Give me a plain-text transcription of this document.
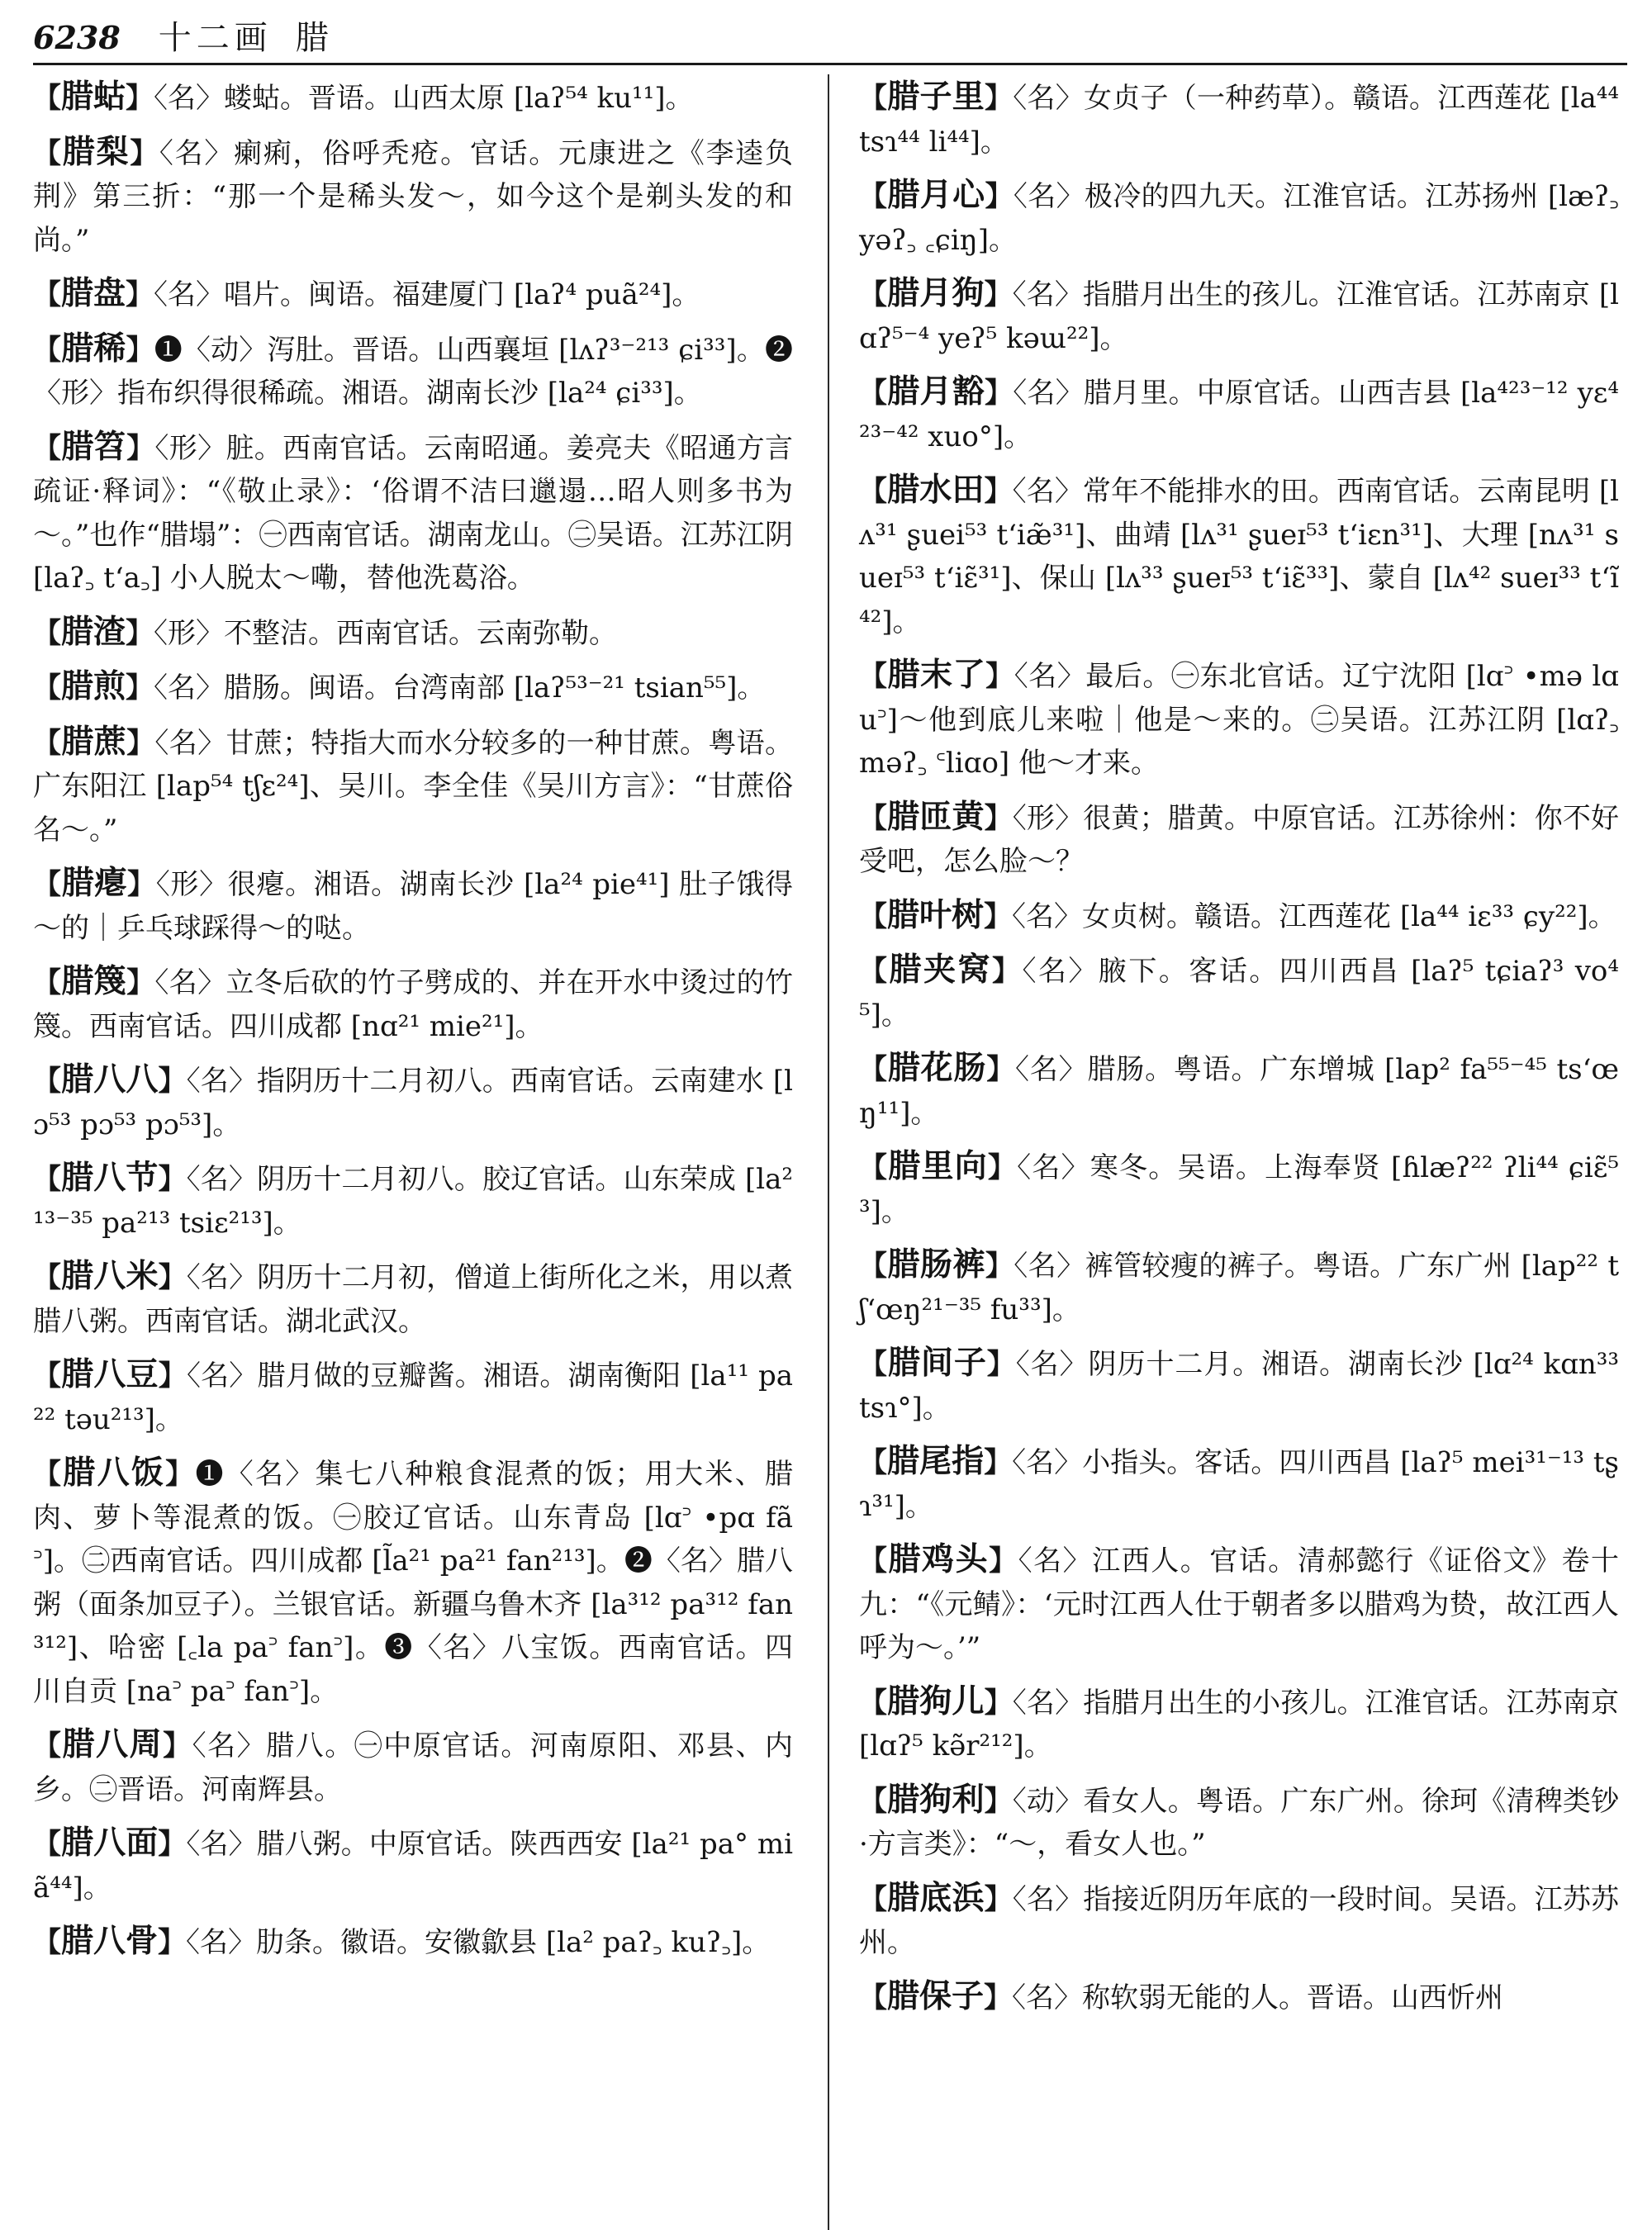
6238 十二画 腊
【腊蛄】〈名〉蝼蛄。晋语。山西太原 [laʔ⁵⁴ ku¹¹]。
【腊梨】〈名〉瘌痢，俗呼秃疮。官话。元康进之《李逵负荆》第三折：“那一个是稀头发～，如今这个是剃头发的和尚。”
【腊盘】〈名〉唱片。闽语。福建厦门 [laʔ⁴ puã²⁴]。
【腊稀】❶〈动〉泻肚。晋语。山西襄垣 [lʌʔ³⁻²¹³ ɕi³³]。❷〈形〉指布织得很稀疏。湘语。湖南长沙 [la²⁴ ɕi³³]。
【腊笤】〈形〉脏。西南官话。云南昭通。姜亮夫《昭通方言疏证·释词》：“《敬止录》：‘俗谓不洁曰邋遢…昭人则多书为～。”也作“腊塌”：㊀西南官话。湖南龙山。㊁吴语。江苏江阴 [laʔ꜆ t‘a꜆] 小人脱太～嘞，替他洗葛浴。
【腊渣】〈形〉不整洁。西南官话。云南弥勒。
【腊煎】〈名〉腊肠。闽语。台湾南部 [laʔ⁵³⁻²¹ tsian⁵⁵]。
【腊蔗】〈名〉甘蔗；特指大而水分较多的一种甘蔗。粤语。广东阳江 [lap⁵⁴ tʃɛ²⁴]、吴川。李全佳《吴川方言》：“甘蔗俗名～。”
【腊瘪】〈形〉很瘪。湘语。湖南长沙 [la²⁴ pie⁴¹] 肚子饿得～的｜乒乓球踩得～的哒。
【腊篾】〈名〉立冬后砍的竹子劈成的、并在开水中烫过的竹篾。西南官话。四川成都 [nɑ²¹ mie²¹]。
【腊八八】〈名〉指阴历十二月初八。西南官话。云南建水 [lɔ⁵³ pɔ⁵³ pɔ⁵³]。
【腊八节】〈名〉阴历十二月初八。胶辽官话。山东荣成 [la²¹³⁻³⁵ pa²¹³ tsiɛ²¹³]。
【腊八米】〈名〉阴历十二月初，僧道上街所化之米，用以煮腊八粥。西南官话。湖北武汉。
【腊八豆】〈名〉腊月做的豆瓣酱。湘语。湖南衡阳 [la¹¹ pa²² təu²¹³]。
【腊八饭】❶〈名〉集七八种粮食混煮的饭；用大米、腊肉、萝卜等混煮的饭。㊀胶辽官话。山东青岛 [lɑ꜄ •pɑ fã꜄]。㊁西南官话。四川成都 [l̃a²¹ pa²¹ fan²¹³]。❷〈名〉腊八粥（面条加豆子）。兰银官话。新疆乌鲁木齐 [la³¹² pa³¹² fan³¹²]、哈密 [꜀la pa꜄ fan꜄]。❸〈名〉八宝饭。西南官话。四川自贡 [na꜄ pa꜄ fan꜄]。
【腊八周】〈名〉腊八。㊀中原官话。河南原阳、邓县、内乡。㊁晋语。河南辉县。
【腊八面】〈名〉腊八粥。中原官话。陕西西安 [la²¹ pa° miã⁴⁴]。
【腊八骨】〈名〉肋条。徽语。安徽歙县 [la² paʔ꜆ kuʔ꜆]。
【腊子里】〈名〉女贞子（一种药草）。赣语。江西莲花 [la⁴⁴ tsɿ⁴⁴ li⁴⁴]。
【腊月心】〈名〉极冷的四九天。江淮官话。江苏扬州 [læʔ꜆ yəʔ꜆ ꜀ɕiŋ]。
【腊月狗】〈名〉指腊月出生的孩儿。江淮官话。江苏南京 [lɑʔ⁵⁻⁴ yeʔ⁵ kəɯ²²]。
【腊月豁】〈名〉腊月里。中原官话。山西吉县 [la⁴²³⁻¹² yɛ⁴²³⁻⁴² xuo°]。
【腊水田】〈名〉常年不能排水的田。西南官话。云南昆明 [lʌ³¹ ʂuei⁵³ t‘iæ̃³¹]、曲靖 [lʌ³¹ ʂueɪ⁵³ t‘iɛn³¹]、大理 [nʌ³¹ sueɪ⁵³ t‘iɛ̃³¹]、保山 [lʌ³³ ʂueɪ⁵³ t‘iɛ̃³³]、蒙自 [lʌ⁴² sueɪ³³ t‘ĩ⁴²]。
【腊末了】〈名〉最后。㊀东北官话。辽宁沈阳 [lɑ꜄ •mə lɑu꜄]～他到底儿来啦｜他是～来的。㊁吴语。江苏江阴 [lɑʔ꜆ məʔ꜆ ꜂liɑo] 他～才来。
【腊匝黄】〈形〉很黄；腊黄。中原官话。江苏徐州：你不好受吧，怎么脸～？
【腊叶树】〈名〉女贞树。赣语。江西莲花 [la⁴⁴ iɛ³³ ɕy²²]。
【腊夹窝】〈名〉腋下。客话。四川西昌 [laʔ⁵ tɕiaʔ³ vo⁴⁵]。
【腊花肠】〈名〉腊肠。粤语。广东增城 [lap² fa⁵⁵⁻⁴⁵ ts‘œŋ¹¹]。
【腊里向】〈名〉寒冬。吴语。上海奉贤 [ɦlæʔ²² ʔli⁴⁴ ɕiɛ̃⁵³]。
【腊肠裤】〈名〉裤管较瘦的裤子。粤语。广东广州 [lap²² tʃ‘œŋ²¹⁻³⁵ fu³³]。
【腊间子】〈名〉阴历十二月。湘语。湖南长沙 [lɑ²⁴ kɑn³³ tsɿ°]。
【腊尾指】〈名〉小指头。客话。四川西昌 [laʔ⁵ mei³¹⁻¹³ tʂɿ³¹]。
【腊鸡头】〈名〉江西人。官话。清郝懿行《证俗文》卷十九：“《元鲭》：‘元时江西人仕于朝者多以腊鸡为贽，故江西人呼为～。’”
【腊狗儿】〈名〉指腊月出生的小孩儿。江淮官话。江苏南京 [lɑʔ⁵ kə̃r²¹²]。
【腊狗利】〈动〉看女人。粤语。广东广州。徐珂《清稗类钞·方言类》：“～，看女人也。”
【腊底浜】〈名〉指接近阴历年底的一段时间。吴语。江苏苏州。
【腊保子】〈名〉称软弱无能的人。晋语。山西忻州
